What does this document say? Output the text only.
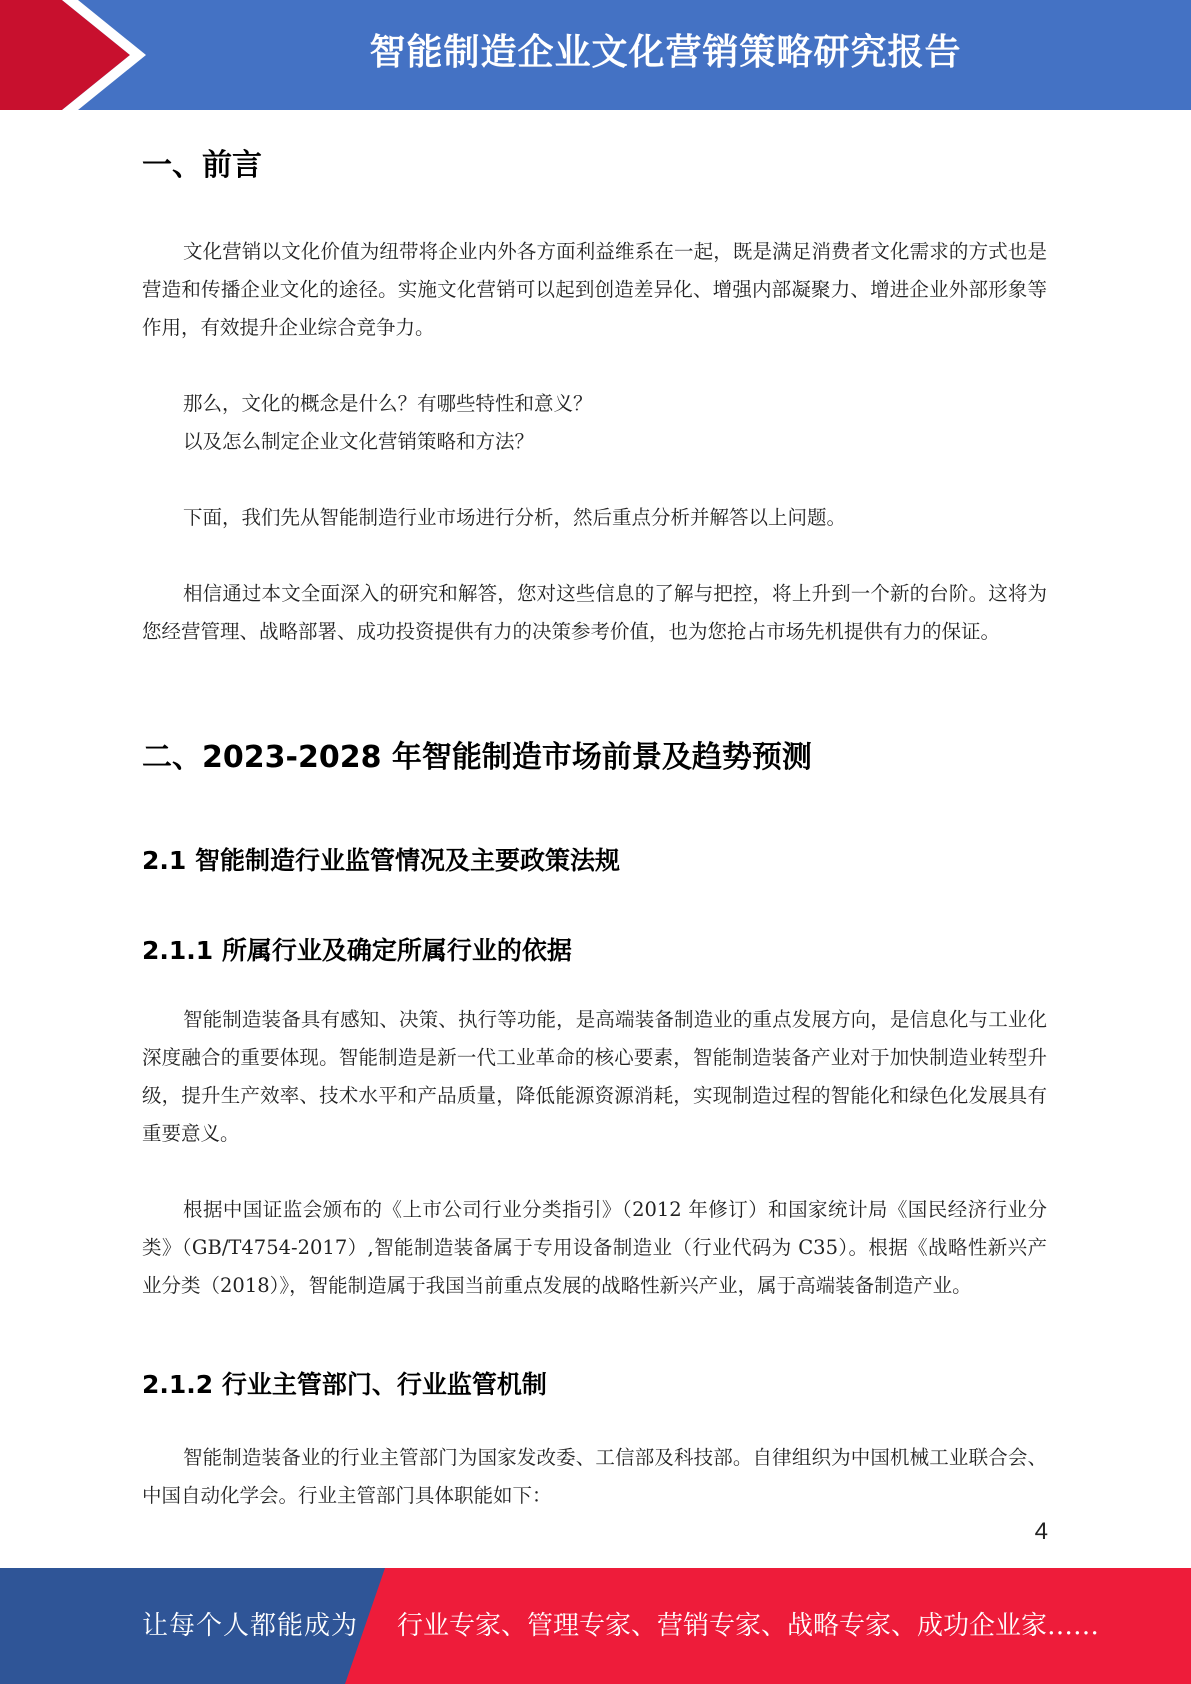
智能制造企业文化营销策略研究报告
一、前言

文化营销以文化价值为纽带将企业内外各方面利益维系在一起，既是满足消费者文化需求的方式也是营造和传播企业文化的途径。实施文化营销可以起到创造差异化、增强内部凝聚力、增进企业外部形象等作用，有效提升企业综合竞争力。

那么，文化的概念是什么？有哪些特性和意义？

以及怎么制定企业文化营销策略和方法？

下面，我们先从智能制造行业市场进行分析，然后重点分析并解答以上问题。

相信通过本文全面深入的研究和解答，您对这些信息的了解与把控，将上升到一个新的台阶。这将为您经营管理、战略部署、成功投资提供有力的决策参考价值，也为您抢占市场先机提供有力的保证。

二、2023-2028 年智能制造市场前景及趋势预测
2.1 智能制造行业监管情况及主要政策法规
2.1.1 所属行业及确定所属行业的依据

智能制造装备具有感知、决策、执行等功能，是高端装备制造业的重点发展方向，是信息化与工业化深度融合的重要体现。智能制造是新一代工业革命的核心要素，智能制造装备产业对于加快制造业转型升级，提升生产效率、技术水平和产品质量，降低能源资源消耗，实现制造过程的智能化和绿色化发展具有重要意义。

根据中国证监会颁布的《上市公司行业分类指引》（2012 年修订）和国家统计局《国民经济行业分类》（GB/T4754-2017）,智能制造装备属于专用设备制造业（行业代码为 C35）。根据《战略性新兴产业分类（2018）》，智能制造属于我国当前重点发展的战略性新兴产业，属于高端装备制造产业。

2.1.2 行业主管部门、行业监管机制

智能制造装备业的行业主管部门为国家发改委、工信部及科技部。自律组织为中国机械工业联合会、中国自动化学会。行业主管部门具体职能如下：

4
让每个人都能成为 行业专家、管理专家、营销专家、战略专家、成功企业家……
